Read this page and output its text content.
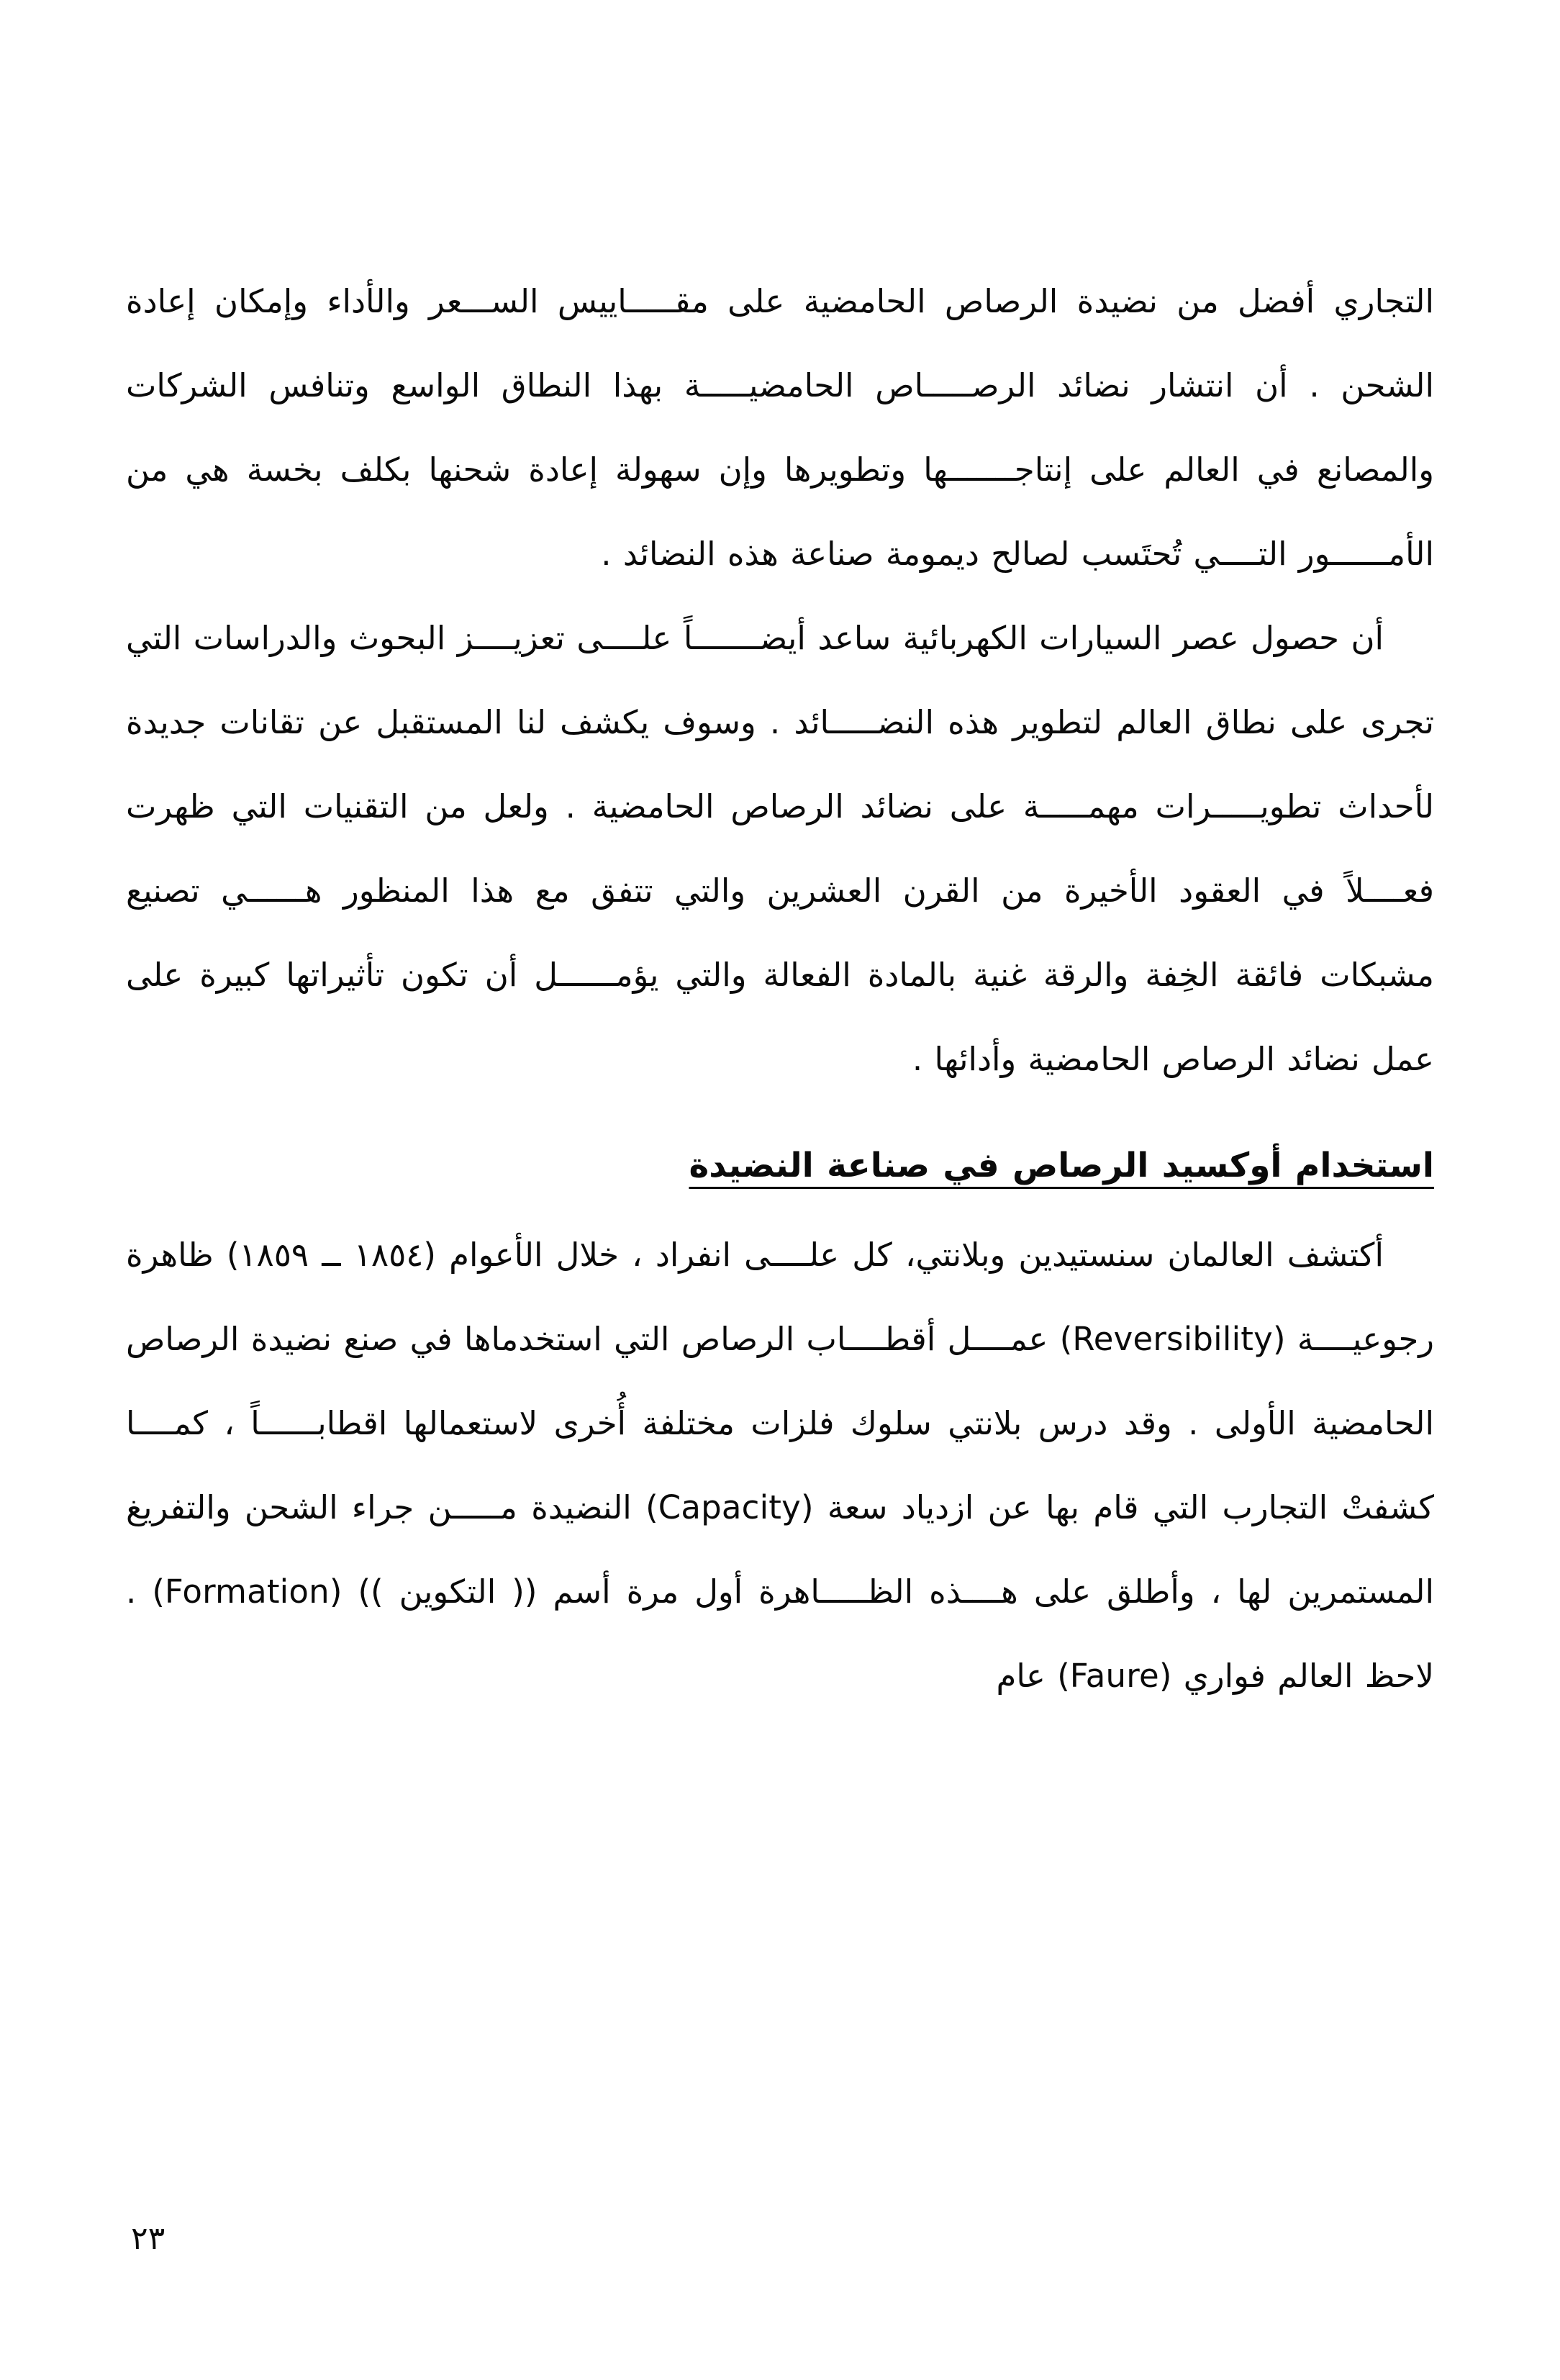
التجاري أفضل من نضيدة الرصاص الحامضية على مقـــــاييس الســـعر والأداء وإمكان إعادة الشحن . أن انتشار نضائد الرصـــــاص الحامضيـــــة بهذا النطاق الواسع وتنافس الشركات والمصانع في العالم على إنتاجـــــــها وتطويرها وإن سهولة إعادة شحنها بكلف بخسة هي من الأمــــــور التــــي تُحتَسب لصالح ديمومة صناعة هذه النضائد .

أن حصول عصر السيارات الكهربائية ساعد أيضـــــــاً علــــى تعزيــــز البحوث والدراسات التي تجرى على نطاق العالم لتطوير هذه النضـــــائد . وسوف يكشف لنا المستقبل عن تقانات جديدة لأحداث تطويـــــرات مهمـــــة على نضائد الرصاص الحامضية . ولعل من التقنيات التي ظهرت فعــــلاً في العقود الأخيرة من القرن العشرين والتي تتفق مع هذا المنظور هــــــي تصنيع مشبكات فائقة الخِفة والرقة غنية بالمادة الفعالة والتي يؤمــــــل أن تكون تأثيراتها كبيرة على عمل نضائد الرصاص الحامضية وأدائها .

استخدام أوكسيد الرصاص في صناعة النضيدة

أكتشف العالمان سنستيدين وبلانتي، كل علــــى انفراد ، خلال الأعوام (١٨٥٤ ــ ١٨٥٩) ظاهرة رجوعيــــة (Reversibility) عمــــل أقطــــاب الرصاص التي استخدماها في صنع نضيدة الرصاص الحامضية الأولى . وقد درس بلانتي سلوك فلزات مختلفة أُخرى لاستعمالها اقطابــــــاً ، كمــــا كشفتْ التجارب التي قام بها عن ازدياد سعة (Capacity) النضيدة مـــــن جراء الشحن والتفريغ المستمرين لها ، وأطلق على هــــذه الظـــــاهرة أول مرة أسم (( التكوين )) (Formation) . لاحظ العالم فواري (Faure) عام

٢٣
